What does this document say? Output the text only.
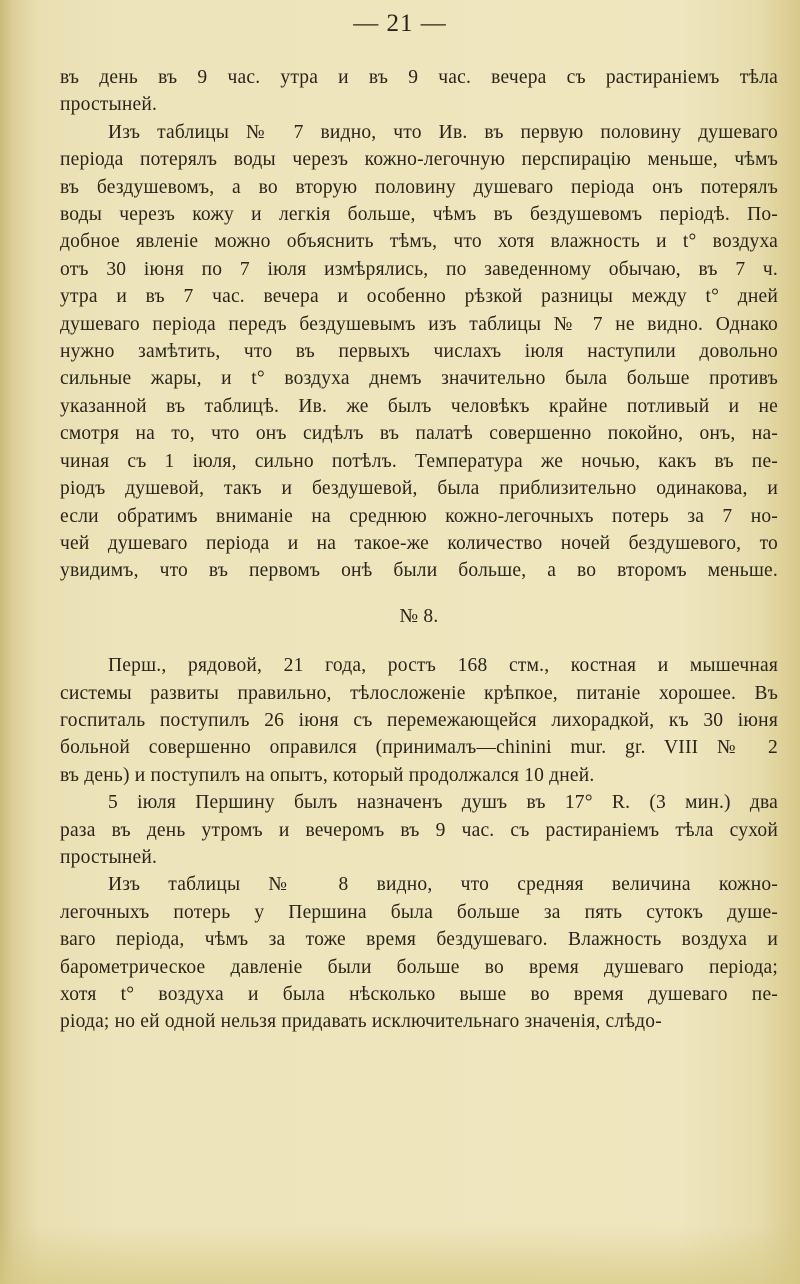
— 21 —

въ день въ 9 час. утра и въ 9 час. вечера съ растираніемъ тѣла
простыней.

Изъ таблицы № 7 видно, что Ив. въ первую половину душеваго
періода потерялъ воды черезъ кожно-легочную перспирацію меньше, чѣмъ
въ бездушевомъ, а во вторую половину душеваго періода онъ потерялъ
воды черезъ кожу и легкія больше, чѣмъ въ бездушевомъ періодѣ. По-
добное явленіе можно объяснить тѣмъ, что хотя влажность и t° воздуха
отъ 30 іюня по 7 іюля измѣрялись, по заведенному обычаю, въ 7 ч.
утра и въ 7 час. вечера и особенно рѣзкой разницы между t° дней
душеваго періода передъ бездушевымъ изъ таблицы № 7 не видно. Однако
нужно замѣтить, что въ первыхъ числахъ іюля наступили довольно
сильные жары, и t° воздуха днемъ значительно была больше противъ
указанной въ таблицѣ. Ив. же былъ человѣкъ крайне потливый и не
смотря на то, что онъ сидѣлъ въ палатѣ совершенно покойно, онъ, на-
чиная съ 1 іюля, сильно потѣлъ. Температура же ночью, какъ въ пе-
ріодъ душевой, такъ и бездушевой, была приблизительно одинакова, и
если обратимъ вниманіе на среднюю кожно-легочныхъ потерь за 7 но-
чей душеваго періода и на такое-же количество ночей бездушевого, то
увидимъ, что въ первомъ онѣ были больше, а во второмъ меньше.

№ 8.

Перш., рядовой, 21 года, ростъ 168 стм., костная и мышечная
системы развиты правильно, тѣлосложеніе крѣпкое, питаніе хорошее. Въ
госпиталь поступилъ 26 іюня съ перемежающейся лихорадкой, къ 30 іюня
больной совершенно оправился (принималъ—сhinini mur. gr. VIII № 2
въ день) и поступилъ на опытъ, который продолжался 10 дней.

5 іюля Першину былъ назначенъ душъ въ 17° R. (3 мин.) два
раза въ день утромъ и вечеромъ въ 9 час. съ растираніемъ тѣла сухой
простыней.

Изъ таблицы № 8 видно, что средняя величина кожно-
легочныхъ потерь у Першина была больше за пять сутокъ душе-
ваго періода, чѣмъ за тоже время бездушеваго. Влажность воздуха и
барометрическое давленіе были больше во время душеваго періода;
хотя t° воздуха и была нѣсколько выше во время душеваго пе-
ріода; но ей одной нельзя придавать исключительнаго значенія, слѣдо-
